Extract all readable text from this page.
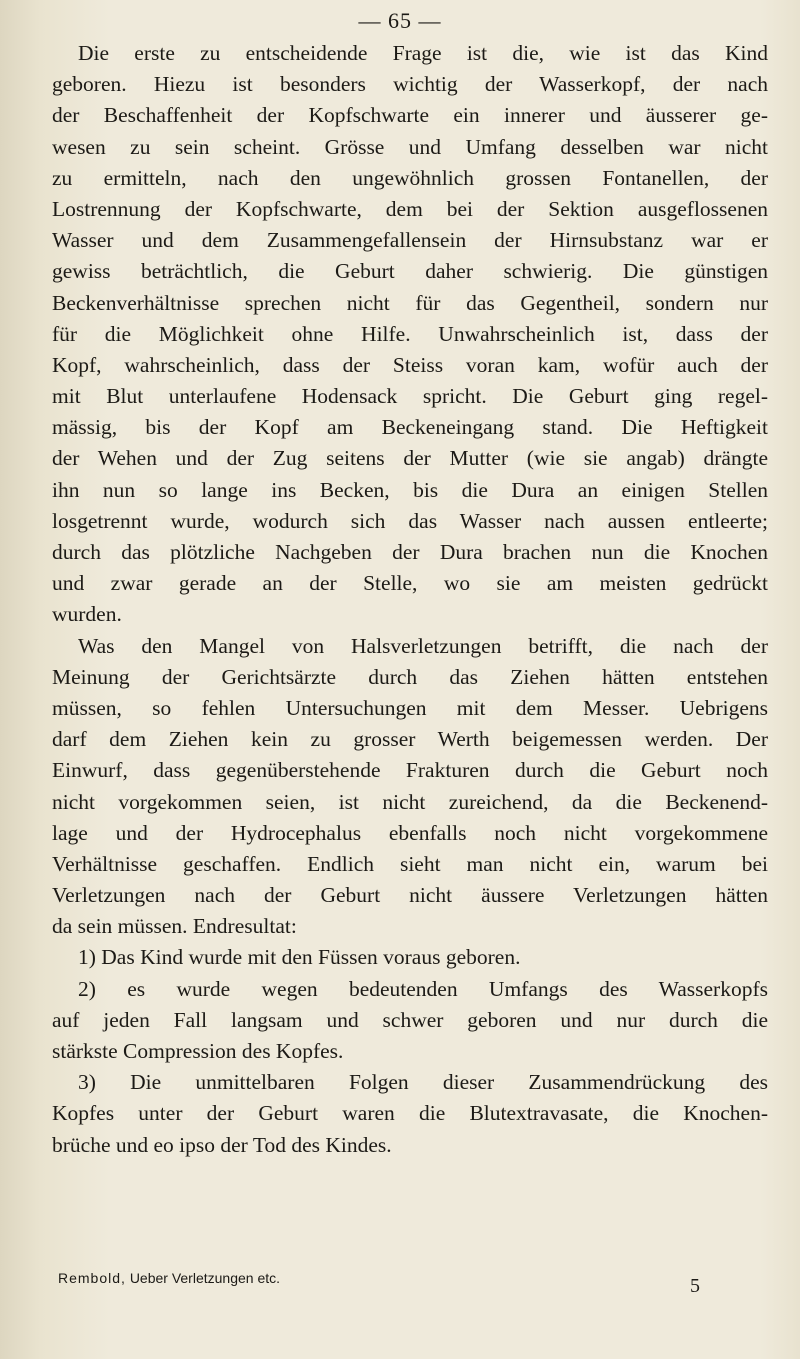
— 65 —
Die erste zu entscheidende Frage ist die, wie ist das Kind
geboren. Hiezu ist besonders wichtig der Wasserkopf, der nach
der Beschaffenheit der Kopfschwarte ein innerer und äusserer ge-
wesen zu sein scheint. Grösse und Umfang desselben war nicht
zu ermitteln, nach den ungewöhnlich grossen Fontanellen, der
Lostrennung der Kopfschwarte, dem bei der Sektion ausgeflossenen
Wasser und dem Zusammengefallensein der Hirnsubstanz war er
gewiss beträchtlich, die Geburt daher schwierig. Die günstigen
Beckenverhältnisse sprechen nicht für das Gegentheil, sondern nur
für die Möglichkeit ohne Hilfe. Unwahrscheinlich ist, dass der
Kopf, wahrscheinlich, dass der Steiss voran kam, wofür auch der
mit Blut unterlaufene Hodensack spricht. Die Geburt ging regel-
mässig, bis der Kopf am Beckeneingang stand. Die Heftigkeit
der Wehen und der Zug seitens der Mutter (wie sie angab) drängte
ihn nun so lange ins Becken, bis die Dura an einigen Stellen
losgetrennt wurde, wodurch sich das Wasser nach aussen entleerte;
durch das plötzliche Nachgeben der Dura brachen nun die Knochen
und zwar gerade an der Stelle, wo sie am meisten gedrückt
wurden.
Was den Mangel von Halsverletzungen betrifft, die nach der
Meinung der Gerichtsärzte durch das Ziehen hätten entstehen
müssen, so fehlen Untersuchungen mit dem Messer. Uebrigens
darf dem Ziehen kein zu grosser Werth beigemessen werden. Der
Einwurf, dass gegenüberstehende Frakturen durch die Geburt noch
nicht vorgekommen seien, ist nicht zureichend, da die Beckenend-
lage und der Hydrocephalus ebenfalls noch nicht vorgekommene
Verhältnisse geschaffen. Endlich sieht man nicht ein, warum bei
Verletzungen nach der Geburt nicht äussere Verletzungen hätten
da sein müssen. Endresultat:
1) Das Kind wurde mit den Füssen voraus geboren.
2) es wurde wegen bedeutenden Umfangs des Wasserkopfs
auf jeden Fall langsam und schwer geboren und nur durch die
stärkste Compression des Kopfes.
3) Die unmittelbaren Folgen dieser Zusammendrückung des
Kopfes unter der Geburt waren die Blutextravasate, die Knochen-
brüche und eo ipso der Tod des Kindes.
Rembold, Ueber Verletzungen etc.	5
